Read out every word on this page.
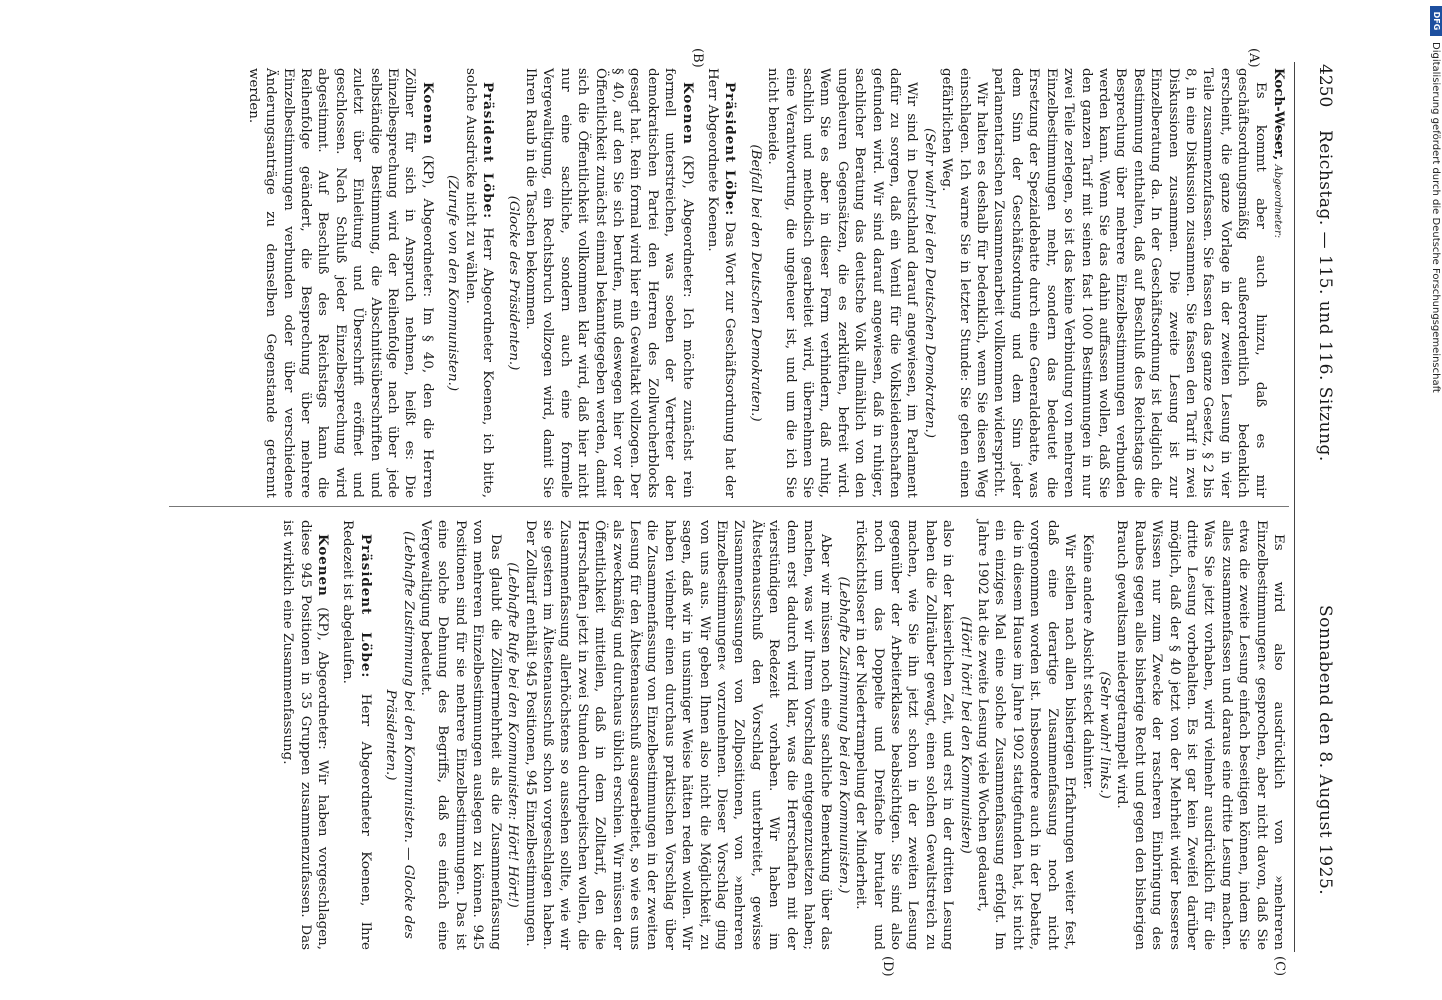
4250
Reichstag. — 115. und 116. Sitzung.
Sonnabend den 8. August 1925.
(A)
(B)
(C)
(D)

Koch-Weser, Abgeordneter:

Es kommt aber auch hinzu, daß es mir geschäftsordnungsmäßig außerordentlich bedenklich erscheint, die ganze Vorlage in der zweiten Lesung in vier Teile zusammenzufassen. Sie fassen das ganze Gesetz, § 2 bis 8, in eine Diskussion zusammen. Sie fassen den Tarif in zwei Diskussionen zusammen. Die zweite Lesung ist zur Einzelberatung da. In der Geschäftsordnung ist lediglich die Bestimmung enthalten, daß auf Beschluß des Reichstags die Besprechung über mehrere Einzelbestimmungen verbunden werden kann. Wenn Sie das dahin auffassen wollen, daß Sie den ganzen Tarif mit seinen fast 1000 Bestimmungen in nur zwei Teile zerlegen, so ist das keine Verbindung von mehreren Einzelbestimmungen mehr, sondern das bedeutet die Ersetzung der Spezialdebatte durch eine Generaldebatte, was dem Sinn der Geschäftsordnung und dem Sinn jeder parlamentarischen Zusammenarbeit vollkommen widerspricht.

Wir halten es deshalb für bedenklich, wenn Sie diesen Weg einschlagen. Ich warne Sie in letzter Stunde: Sie gehen einen gefährlichen Weg.

(Sehr wahr! bei den Deutschen Demokraten.)

Wir sind in Deutschland darauf angewiesen, im Parlament dafür zu sorgen, daß ein Ventil für die Volksleidenschaften gefunden wird. Wir sind darauf angewiesen, daß in ruhiger, sachlicher Beratung das deutsche Volk allmählich von den ungeheuren Gegensätzen, die es zerklüften, befreit wird. Wenn Sie es aber in dieser Form verhindern, daß ruhig, sachlich und methodisch gearbeitet wird, übernehmen Sie eine Verantwortung, die ungeheuer ist, und um die ich Sie nicht beneide.

(Beifall bei den Deutschen Demokraten.)

Präsident Löbe: Das Wort zur Geschäftsordnung hat der Herr Abgeordnete Koenen.

Koenen (KP), Abgeordneter: Ich möchte zunächst rein formell unterstreichen, was soeben der Vertreter der demokratischen Partei den Herren des Zollwucherblocks gesagt hat. Rein formal wird hier ein Gewaltakt vollzogen. Der § 40, auf den Sie sich berufen, muß deswegen hier vor der Öffentlichkeit zunächst einmal bekanntgegeben werden, damit sich die Öffentlichkeit vollkommen klar wird, daß hier nicht nur eine sachliche, sondern auch eine formelle Vergewaltigung, ein Rechtsbruch vollzogen wird, damit Sie Ihren Raub in die Taschen bekommen.

(Glocke des Präsidenten.)

Präsident Löbe: Herr Abgeordneter Koenen, ich bitte, solche Ausdrücke nicht zu wählen.

(Zurufe von den Kommunisten.)

Koenen (KP), Abgeordneter: Im § 40, den die Herren Zöllner für sich in Anspruch nehmen, heißt es: Die Einzelbesprechung wird der Reihenfolge nach über jede selbständige Bestimmung, die Abschnittsüberschriften und zuletzt über Einleitung und Überschrift eröffnet und geschlossen. Nach Schluß jeder Einzelbesprechung wird abgestimmt. Auf Beschluß des Reichstags kann die Reihenfolge geändert, die Besprechung über mehrere Einzelbestimmungen verbunden oder über verschiedene Änderungsanträge zu demselben Gegenstande getrennt werden.

Es wird also ausdrücklich von »mehreren Einzelbestimmungen« gesprochen, aber nicht davon, daß Sie etwa die zweite Lesung einfach beseitigen können, indem Sie alles zusammenfassen und daraus eine dritte Lesung machen. Was Sie jetzt vorhaben, wird vielmehr ausdrücklich für die dritte Lesung vorbehalten. Es ist gar kein Zweifel darüber möglich, daß der § 40 jetzt von der Mehrheit wider besseres Wissen nur zum Zwecke der rascheren Einbringung des Raubes gegen alles bisherige Recht und gegen den bisherigen Brauch gewaltsam niedergetrampelt wird.

(Sehr wahr! links.)

Keine andere Absicht steckt dahinter.

Wir stellen nach allen bisherigen Erfahrungen weiter fest, daß eine derartige Zusammenfassung noch nicht vorgenommen worden ist. Insbesondere auch in der Debatte, die in diesem Hause im Jahre 1902 stattgefunden hat, ist nicht ein einziges Mal eine solche Zusammenfassung erfolgt. Im Jahre 1902 hat die zweite Lesung viele Wochen gedauert,

(Hört! hört! bei den Kommunisten)

also in der kaiserlichen Zeit, und erst in der dritten Lesung haben die Zollräuber gewagt, einen solchen Gewaltstreich zu machen, wie Sie ihn jetzt schon in der zweiten Lesung gegenüber der Arbeiterklasse beabsichtigen. Sie sind also noch um das Doppelte und Dreifache brutaler und rücksichtsloser in der Niedertrampelung der Minderheit.

(Lebhafte Zustimmung bei den Kommunisten.)

Aber wir müssen noch eine sachliche Bemerkung über das machen, was wir Ihrem Vorschlag entgegenzusetzen haben; denn erst dadurch wird klar, was die Herrschaften mit der vierstündigen Redezeit vorhaben. Wir haben im Ältestenausschuß den Vorschlag unterbreitet, gewisse Zusammenfassungen von Zollpositionen, von »mehreren Einzelbestimmungen« vorzunehmen. Dieser Vorschlag ging von uns aus. Wir geben Ihnen also nicht die Möglichkeit, zu sagen, daß wir in unsinniger Weise hätten reden wollen. Wir haben vielmehr einen durchaus praktischen Vorschlag über die Zusammenfassung von Einzelbestimmungen in der zweiten Lesung für den Ältestenausschuß ausgearbeitet, so wie es uns als zweckmäßig und durchaus üblich erschien. Wir müssen der Öffentlichkeit mitteilen, daß in dem Zolltarif, den die Herrschaften jetzt in zwei Stunden durchpeitschen wollen, die Zusammenfassung allerhöchstens so aussehen sollte, wie wir sie gestern im Ältestenausschuß schon vorgeschlagen haben. Der Zolltarif enthält 945 Positionen, 945 Einzelbestimmungen.

(Lebhafte Rufe bei den Kommunisten: Hört! Hört!)

Das glaubt die Zöllnermehrheit als die Zusammenfassung von mehreren Einzelbestimmungen auslegen zu können. 945 Positionen sind für sie mehrere Einzelbestimmungen. Das ist eine solche Dehnung des Begriffs, daß es einfach eine Vergewaltigung bedeutet.

(Lebhafte Zustimmung bei den Kommunisten. — Glocke des Präsidenten.)

Präsident Löbe: Herr Abgeordneter Koenen, Ihre Redezeit ist abgelaufen.

Koenen (KP), Abgeordneter: Wir haben vorgeschlagen, diese 945 Positionen in 35 Gruppen zusammenzufassen. Das ist wirklich eine Zusammenfassung.

DFGDigitalisierung gefördert durch die Deutsche Forschungsgemeinschaft
